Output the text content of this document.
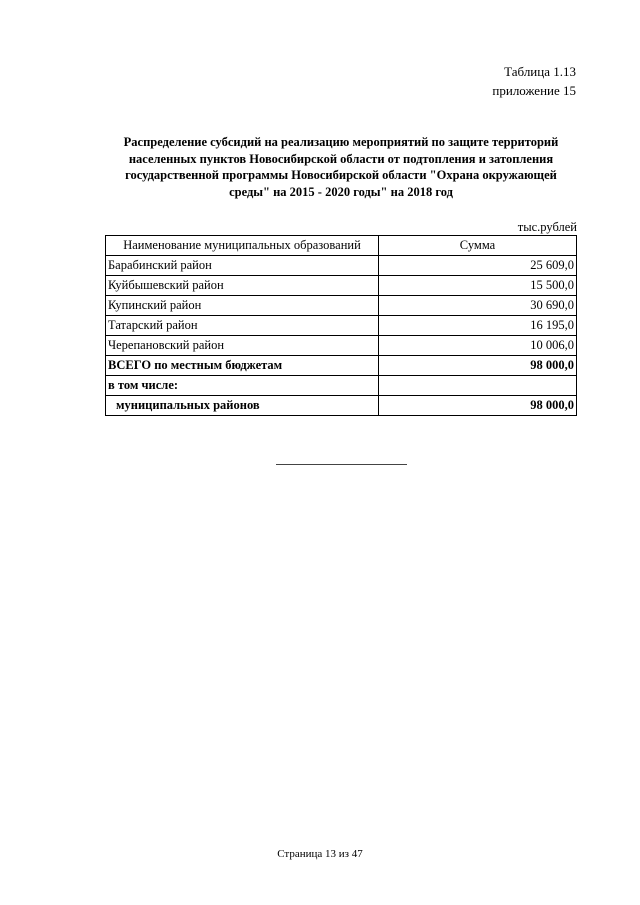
Таблица 1.13
приложение 15
Распределение субсидий на реализацию мероприятий по защите территорий
населенных пунктов Новосибирской области от подтопления и затопления
государственной программы Новосибирской области "Охрана окружающей
среды" на 2015 - 2020 годы" на 2018 год
тыс.рублей
Наименование муниципальных образований	Сумма
Барабинский район	25 609,0
Куйбышевский район	15 500,0
Купинский район	30 690,0
Татарский район	16 195,0
Черепановский район	10 006,0
ВСЕГО по местным бюджетам	98 000,0
в том числе:	
муниципальных районов	98 000,0
Страница 13 из 47
